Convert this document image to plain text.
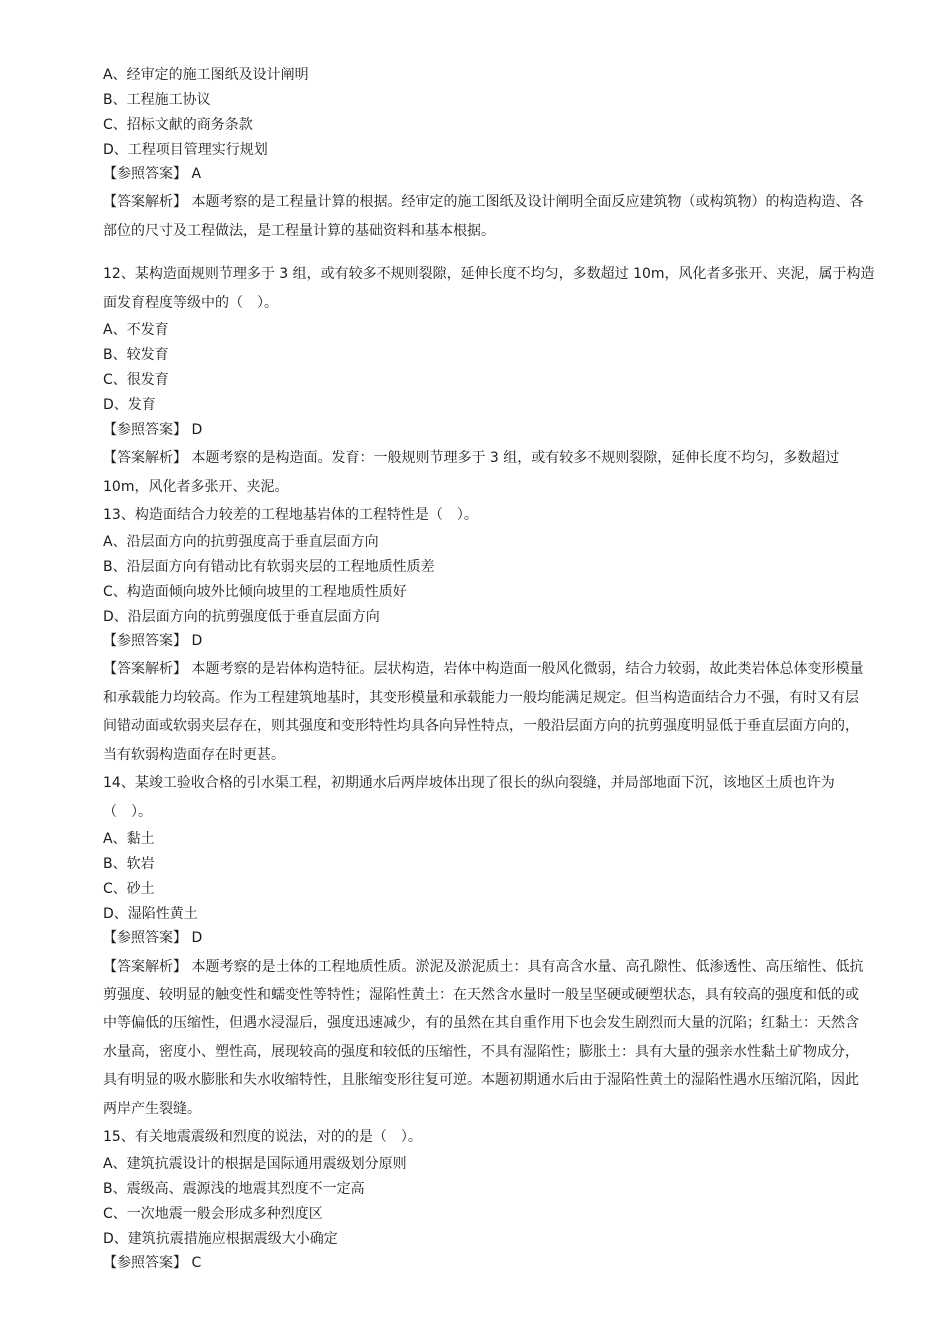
A、经审定的施工图纸及设计阐明
B、工程施工协议
C、招标文献的商务条款
D、工程项目管理实行规划
【参照答案】 A
【答案解析】 本题考察的是工程量计算的根据。经审定的施工图纸及设计阐明全面反应建筑物（或构筑物）的构造构造、各
部位的尺寸及工程做法，是工程量计算的基础资料和基本根据。
12、某构造面规则节理多于 3 组，或有较多不规则裂隙，延伸长度不均匀，多数超过 10m，风化者多张开、夹泥，属于构造
面发育程度等级中的（　）。
A、不发育
B、较发育
C、很发育
D、发育
【参照答案】 D
【答案解析】 本题考察的是构造面。发育：一般规则节理多于 3 组，或有较多不规则裂隙，延伸长度不均匀，多数超过
10m，风化者多张开、夹泥。
13、构造面结合力较差的工程地基岩体的工程特性是（　）。
A、沿层面方向的抗剪强度高于垂直层面方向
B、沿层面方向有错动比有软弱夹层的工程地质性质差
C、构造面倾向坡外比倾向坡里的工程地质性质好
D、沿层面方向的抗剪强度低于垂直层面方向
【参照答案】 D
【答案解析】 本题考察的是岩体构造特征。层状构造，岩体中构造面一般风化微弱，结合力较弱，故此类岩体总体变形模量
和承载能力均较高。作为工程建筑地基时，其变形模量和承载能力一般均能满足规定。但当构造面结合力不强，有时又有层
间错动面或软弱夹层存在，则其强度和变形特性均具各向异性特点，一般沿层面方向的抗剪强度明显低于垂直层面方向的，
当有软弱构造面存在时更甚。
14、某竣工验收合格的引水渠工程，初期通水后两岸坡体出现了很长的纵向裂缝，并局部地面下沉，该地区土质也许为
（　）。
A、黏土
B、软岩
C、砂土
D、湿陷性黄土
【参照答案】 D
【答案解析】 本题考察的是土体的工程地质性质。淤泥及淤泥质土：具有高含水量、高孔隙性、低渗透性、高压缩性、低抗
剪强度、较明显的触变性和蠕变性等特性；湿陷性黄土：在天然含水量时一般呈坚硬或硬塑状态，具有较高的强度和低的或
中等偏低的压缩性，但遇水浸湿后，强度迅速减少，有的虽然在其自重作用下也会发生剧烈而大量的沉陷；红黏土：天然含
水量高，密度小、塑性高，展现较高的强度和较低的压缩性，不具有湿陷性；膨胀土：具有大量的强亲水性黏土矿物成分，
具有明显的吸水膨胀和失水收缩特性，且胀缩变形往复可逆。本题初期通水后由于湿陷性黄土的湿陷性遇水压缩沉陷，因此
两岸产生裂缝。
15、有关地震震级和烈度的说法，对的的是（　）。
A、建筑抗震设计的根据是国际通用震级划分原则
B、震级高、震源浅的地震其烈度不一定高
C、一次地震一般会形成多种烈度区
D、建筑抗震措施应根据震级大小确定
【参照答案】 C
